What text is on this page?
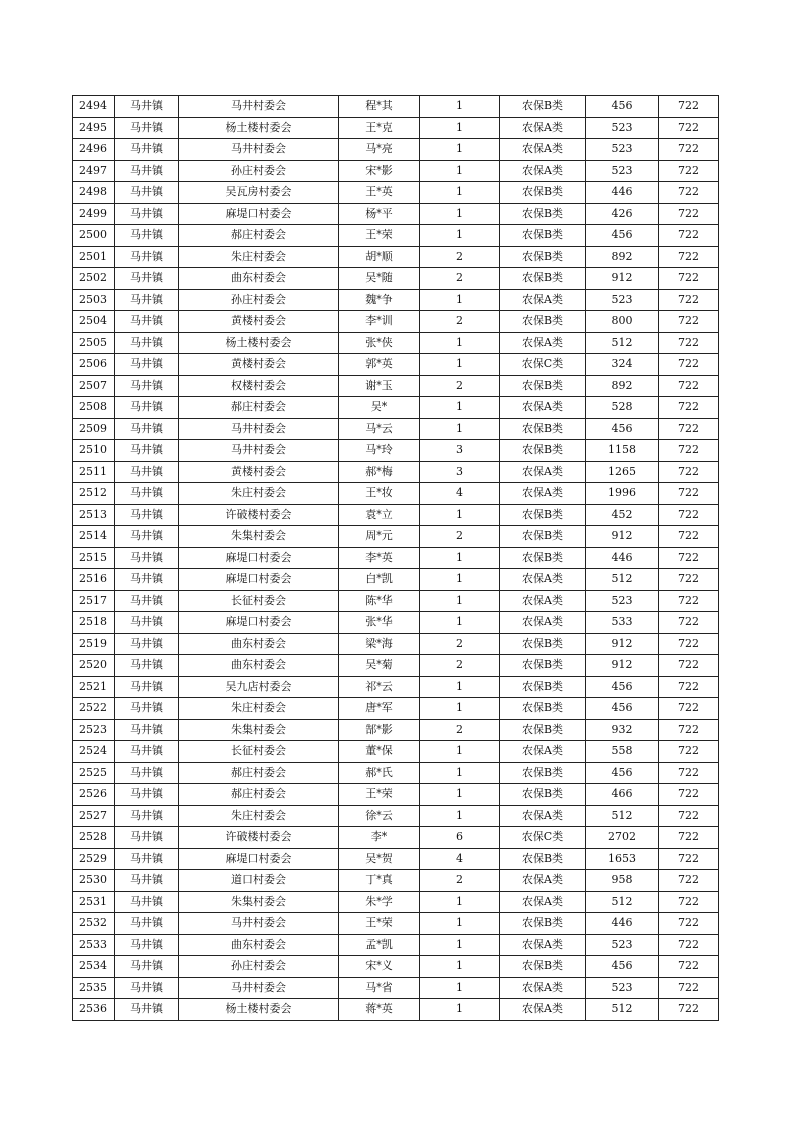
2494	马井镇	马井村委会	程*其	1	农保B类	456	722
2495	马井镇	杨土楼村委会	王*克	1	农保A类	523	722
2496	马井镇	马井村委会	马*亮	1	农保A类	523	722
2497	马井镇	孙庄村委会	宋*影	1	农保A类	523	722
2498	马井镇	吴瓦房村委会	王*英	1	农保B类	446	722
2499	马井镇	麻堤口村委会	杨*平	1	农保B类	426	722
2500	马井镇	郝庄村委会	王*荣	1	农保B类	456	722
2501	马井镇	朱庄村委会	胡*顺	2	农保B类	892	722
2502	马井镇	曲东村委会	吴*随	2	农保B类	912	722
2503	马井镇	孙庄村委会	魏*争	1	农保A类	523	722
2504	马井镇	黄楼村委会	李*训	2	农保B类	800	722
2505	马井镇	杨土楼村委会	张*侠	1	农保A类	512	722
2506	马井镇	黄楼村委会	郭*英	1	农保C类	324	722
2507	马井镇	权楼村委会	谢*玉	2	农保B类	892	722
2508	马井镇	郝庄村委会	吴*	1	农保A类	528	722
2509	马井镇	马井村委会	马*云	1	农保B类	456	722
2510	马井镇	马井村委会	马*玲	3	农保B类	1158	722
2511	马井镇	黄楼村委会	郝*梅	3	农保A类	1265	722
2512	马井镇	朱庄村委会	王*妆	4	农保A类	1996	722
2513	马井镇	许破楼村委会	袁*立	1	农保B类	452	722
2514	马井镇	朱集村委会	周*元	2	农保B类	912	722
2515	马井镇	麻堤口村委会	李*英	1	农保B类	446	722
2516	马井镇	麻堤口村委会	白*凯	1	农保A类	512	722
2517	马井镇	长征村委会	陈*华	1	农保A类	523	722
2518	马井镇	麻堤口村委会	张*华	1	农保A类	533	722
2519	马井镇	曲东村委会	梁*海	2	农保B类	912	722
2520	马井镇	曲东村委会	吴*菊	2	农保B类	912	722
2521	马井镇	吴九店村委会	祁*云	1	农保B类	456	722
2522	马井镇	朱庄村委会	唐*军	1	农保B类	456	722
2523	马井镇	朱集村委会	郜*影	2	农保B类	932	722
2524	马井镇	长征村委会	董*保	1	农保A类	558	722
2525	马井镇	郝庄村委会	郝*氏	1	农保B类	456	722
2526	马井镇	郝庄村委会	王*荣	1	农保B类	466	722
2527	马井镇	朱庄村委会	徐*云	1	农保A类	512	722
2528	马井镇	许破楼村委会	李*	6	农保C类	2702	722
2529	马井镇	麻堤口村委会	吴*贺	4	农保B类	1653	722
2530	马井镇	道口村委会	丁*真	2	农保A类	958	722
2531	马井镇	朱集村委会	朱*学	1	农保A类	512	722
2532	马井镇	马井村委会	王*荣	1	农保B类	446	722
2533	马井镇	曲东村委会	孟*凯	1	农保A类	523	722
2534	马井镇	孙庄村委会	宋*义	1	农保B类	456	722
2535	马井镇	马井村委会	马*省	1	农保A类	523	722
2536	马井镇	杨土楼村委会	蒋*英	1	农保A类	512	722
